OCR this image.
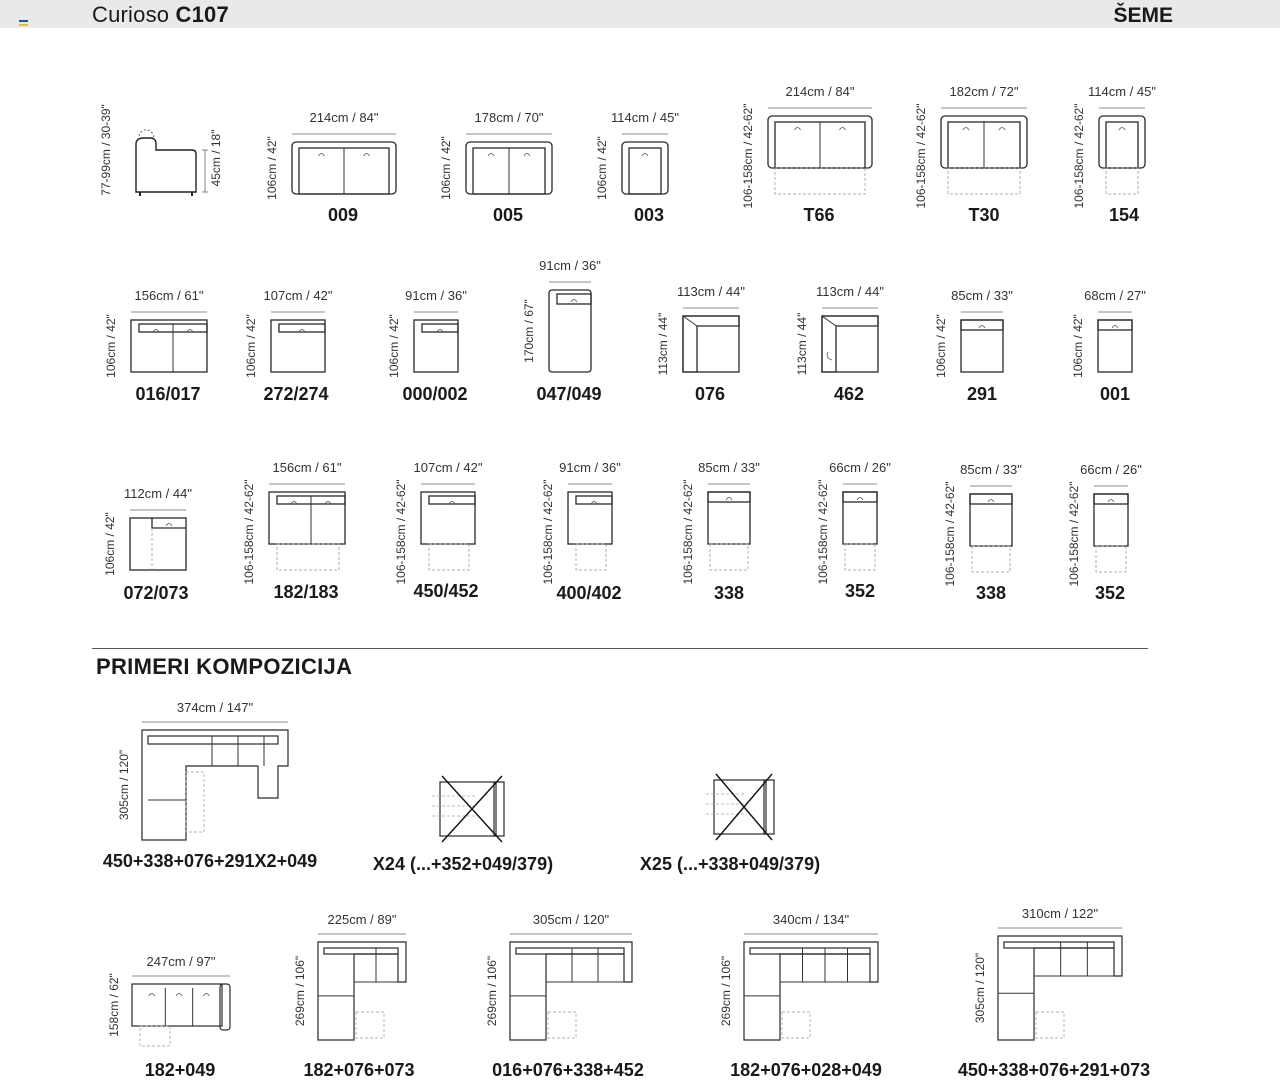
Curioso C107	ŠEME
77-99cm / 30-39"	45cm / 18"
214cm / 84"
106cm / 42"
009
178cm / 70"
106cm / 42"
005
114cm / 45"
106cm / 42"
003
214cm / 84"
106-158cm / 42-62"
T66
182cm / 72"
106-158cm / 42-62"
T30
114cm / 45"
106-158cm / 42-62"
154
156cm / 61"
106cm / 42"
016/017
107cm / 42"
106cm / 42"
272/274
91cm / 36"
106cm / 42"
000/002
91cm / 36"
170cm / 67"
047/049
113cm / 44"
113cm / 44"
076
113cm / 44"
113cm / 44"
462
85cm / 33"
106cm / 42"
291
68cm / 27"
106cm / 42"
001
112cm / 44"
106cm / 42"
072/073
156cm / 61"
106-158cm / 42-62"
182/183
107cm / 42"
106-158cm / 42-62"
450/452
91cm / 36"
106-158cm / 42-62"
400/402
85cm / 33"
106-158cm / 42-62"
338
66cm / 26"
106-158cm / 42-62"
352
85cm / 33"
106-158cm / 42-62"
338
66cm / 26"
106-158cm / 42-62"
352
PRIMERI KOMPOZICIJA
374cm / 147"
305cm / 120"
450+338+076+291X2+049	X24 (...+352+049/379)	X25 (...+338+049/379)
247cm / 97"
158cm / 62"
182+049
225cm / 89"
269cm / 106"
182+076+073
305cm / 120"
269cm / 106"
016+076+338+452
340cm / 134"
269cm / 106"
182+076+028+049
310cm / 122"
305cm / 120"
450+338+076+291+073
